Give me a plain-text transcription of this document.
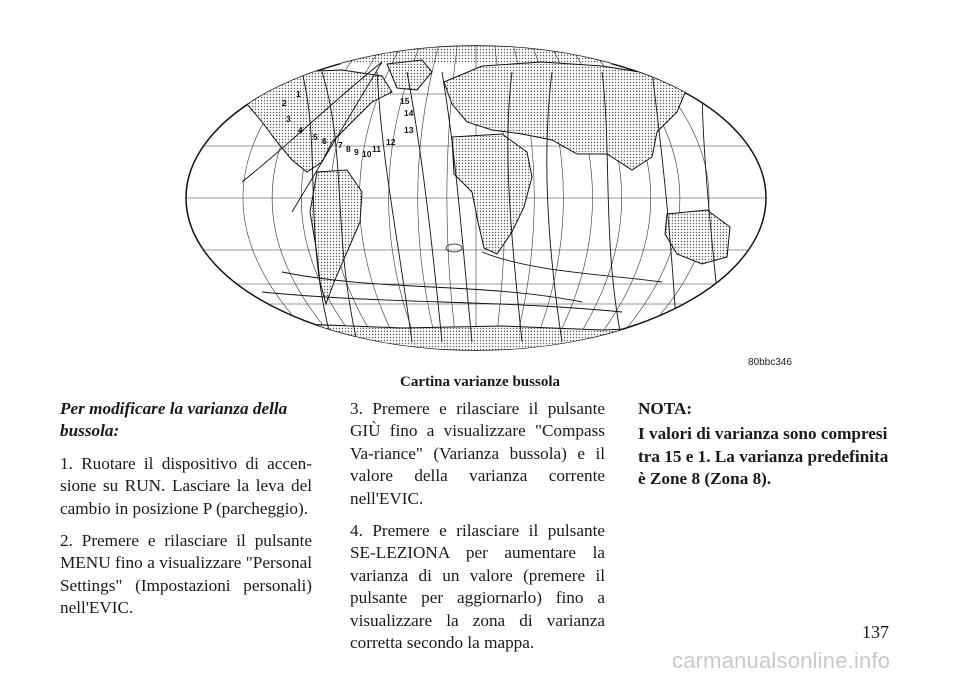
1
2
3
4
5 6 7 8 9 10 11
12
13
14
15
80bbc346
Cartina varianze bussola

Per modificare la varianza della
bussola:

1. Ruotare il dispositivo di accen-sione su RUN. Lasciare la leva del cambio in posizione P (parcheggio).

2. Premere e rilasciare il pulsante MENU fino a visualizzare "Personal Settings" (Impostazioni personali) nell'EVIC.

3. Premere e rilasciare il pulsante GIÙ fino a visualizzare "Compass Va-riance" (Varianza bussola) e il valore della varianza corrente nell'EVIC.

4. Premere e rilasciare il pulsante SE-LEZIONA per aumentare la varianza di un valore (premere il pulsante per aggiornarlo) fino a visualizzare la zona di varianza corretta secondo la mappa.

NOTA:

I valori di varianza sono compresi tra 15 e 1. La varianza predefinita è Zone 8 (Zona 8).

137
carmanualsonline.info
